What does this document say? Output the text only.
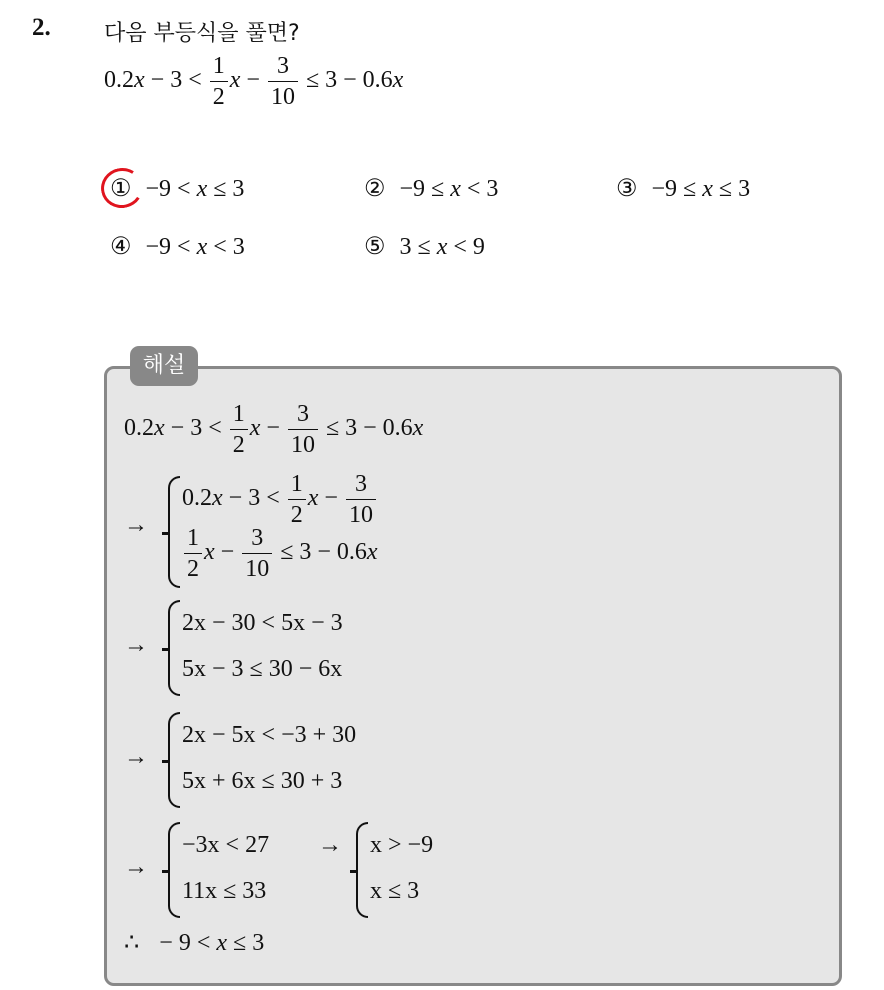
2. 다음 부등식을 풀면?
$0.2x - 3 < \frac{1}{2}$ $x - \frac{3}{10} \le 3 - 0.6x$
① −9 < x ≤ 3	② −9 ≤ x < 3	③ −9 ≤ x ≤ 3
④ −9 < x < 3	⑤ 3 ≤ x < 9
해설
$0.2x - 3 < \frac{1}{2}$ $x - \frac{3}{10} \le 3 - 0.6x$
→
$0.2x - 3 < \frac{1}{2}$ $x - \frac{3}{10}$
$\frac{1}{2}$ $x - \frac{3}{10} \le 3 - 0.6x$
→
2x − 30 < 5x − 3
5x − 3 ≤ 30 − 6x
→
2x − 5x < −3 + 30
5x + 6x ≤ 30 + 3
→
−3x < 27
11x ≤ 33
→ x > −9
x ≤ 3
∴ − 9 < x ≤ 3
